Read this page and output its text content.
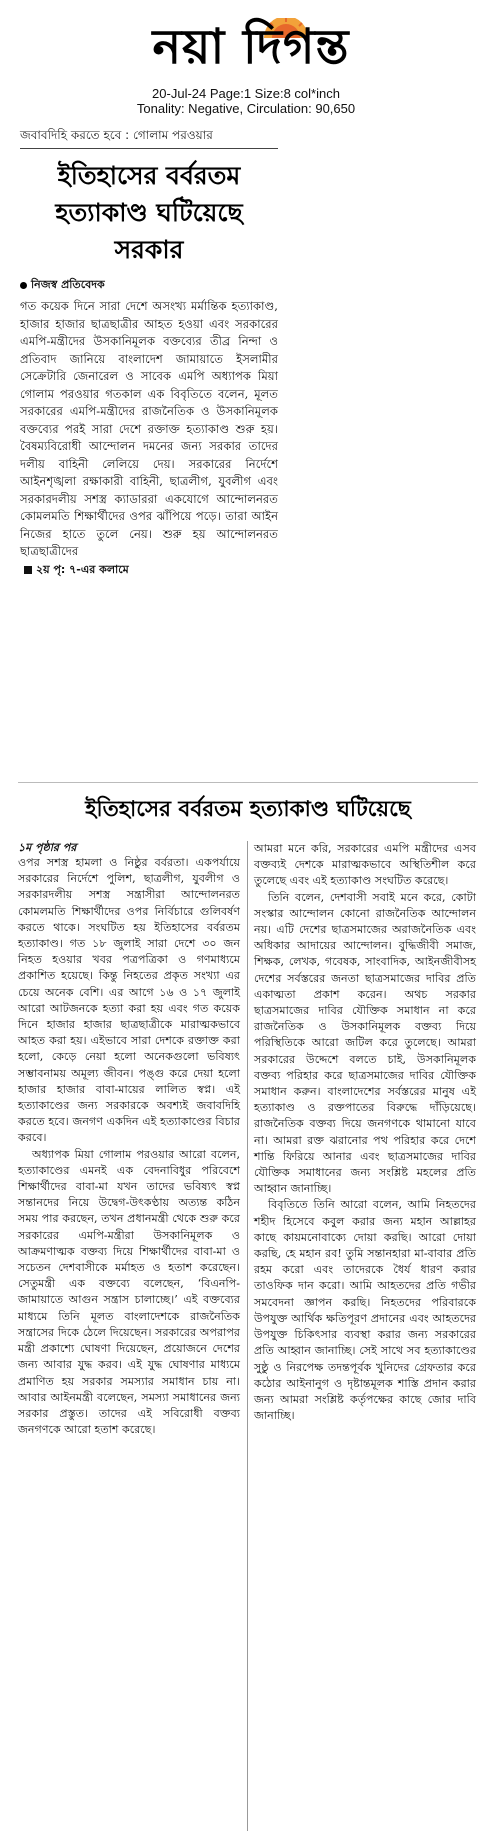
নয়া দিগন্ত
20-Jul-24 Page:1 Size:8 col*inch
Tonality: Negative, Circulation: 90,650
জবাবদিহি করতে হবে : গোলাম পরওয়ার
ইতিহাসের বর্বরতম হত্যাকাণ্ড ঘটিয়েছে সরকার
নিজস্ব প্রতিবেদক
গত কয়েক দিনে সারা দেশে অসংখ্য মর্মান্তিক হত্যাকাণ্ড, হাজার হাজার ছাত্রছাত্রীর আহত হওয়া এবং সরকারের এমপি-মন্ত্রীদের উসকানিমূলক বক্তব্যের তীব্র নিন্দা ও প্রতিবাদ জানিয়ে বাংলাদেশ জামায়াতে ইসলামীর সেক্রেটারি জেনারেল ও সাবেক এমপি অধ্যাপক মিয়া গোলাম পরওয়ার গতকাল এক বিবৃতিতে বলেন, মূলত সরকারের এমপি-মন্ত্রীদের রাজনৈতিক ও উসকানিমূলক বক্তব্যের পরই সারা দেশে রক্তাক্ত হত্যাকাণ্ড শুরু হয়। বৈষম্যবিরোধী আন্দোলন দমনের জন্য সরকার তাদের দলীয় বাহিনী লেলিয়ে দেয়। সরকারের নির্দেশে আইনশৃঙ্খলা রক্ষাকারী বাহিনী, ছাত্রলীগ, যুবলীগ এবং সরকারদলীয় সশস্ত্র ক্যাডাররা একযোগে আন্দোলনরত কোমলমতি শিক্ষার্থীদের ওপর ঝাঁপিয়ে পড়ে। তারা আইন নিজের হাতে তুলে নেয়। শুরু হয় আন্দোলনরত ছাত্রছাত্রীদের
২য় পৃ: ৭-এর কলামে
ইতিহাসের বর্বরতম হত্যাকাণ্ড ঘটিয়েছে
১ম পৃষ্ঠার পর

ওপর সশস্ত্র হামলা ও নিষ্ঠুর বর্বরতা। একপর্যায়ে সরকারের নির্দেশে পুলিশ, ছাত্রলীগ, যুবলীগ ও সরকারদলীয় সশস্ত্র সন্ত্রাসীরা আন্দোলনরত কোমলমতি শিক্ষার্থীদের ওপর নির্বিচারে গুলিবর্ষণ করতে থাকে। সংঘটিত হয় ইতিহাসের বর্বরতম হত্যাকাণ্ড। গত ১৮ জুলাই সারা দেশে ৩০ জন নিহত হওয়ার খবর পত্রপত্রিকা ও গণমাধ্যমে প্রকাশিত হয়েছে। কিন্তু নিহতের প্রকৃত সংখ্যা এর চেয়ে অনেক বেশি। এর আগে ১৬ ও ১৭ জুলাই আরো আটজনকে হত্যা করা হয় এবং গত কয়েক দিনে হাজার হাজার ছাত্রছাত্রীকে মারাত্মকভাবে আহত করা হয়। এইভাবে সারা দেশকে রক্তাক্ত করা হলো, কেড়ে নেয়া হলো অনেকগুলো ভবিষ্যৎ সম্ভাবনাময় অমূল্য জীবন। পঙ্গু করে দেয়া হলো হাজার হাজার বাবা-মায়ের লালিত স্বপ্ন। এই হত্যাকাণ্ডের জন্য সরকারকে অবশ্যই জবাবদিহি করতে হবে। জনগণ একদিন এই হত্যাকাণ্ডের বিচার করবে।

অধ্যাপক মিয়া গোলাম পরওয়ার আরো বলেন, হত্যাকাণ্ডের এমনই এক বেদনাবিধুর পরিবেশে শিক্ষার্থীদের বাবা-মা যখন তাদের ভবিষ্যৎ স্বপ্ন সন্তানদের নিয়ে উদ্বেগ-উৎকণ্ঠায় অত্যন্ত কঠিন সময় পার করছেন, তখন প্রধানমন্ত্রী থেকে শুরু করে সরকারের এমপি-মন্ত্রীরা উসকানিমূলক ও আক্রমণাত্মক বক্তব্য দিয়ে শিক্ষার্থীদের বাবা-মা ও সচেতন দেশবাসীকে মর্মাহত ও হতাশ করেছেন। সেতুমন্ত্রী এক বক্তব্যে বলেছেন, ‘বিএনপি-জামায়াতে আগুন সন্ত্রাস চালাচ্ছে।’ এই বক্তব্যের মাধ্যমে তিনি মূলত বাংলাদেশকে রাজনৈতিক সন্ত্রাসের দিকে ঠেলে দিয়েছেন। সরকারের অপরাপর মন্ত্রী প্রকাশ্যে ঘোষণা দিয়েছেন, প্রয়োজনে দেশের জন্য আবার যুদ্ধ করব। এই যুদ্ধ ঘোষণার মাধ্যমে প্রমাণিত হয় সরকার সমস্যার সমাধান চায় না। আবার আইনমন্ত্রী বলেছেন, সমস্যা সমাধানের জন্য সরকার প্রস্তুত। তাদের এই সবিরোধী বক্তব্য জনগণকে আরো হতাশ করেছে।

আমরা মনে করি, সরকারের এমপি মন্ত্রীদের এসব বক্তব্যই দেশকে মারাত্মকভাবে অস্থিতিশীল করে তুলেছে এবং এই হত্যাকাণ্ড সংঘটিত করেছে।

তিনি বলেন, দেশবাসী সবাই মনে করে, কোটা সংস্কার আন্দোলন কোনো রাজনৈতিক আন্দোলন নয়। এটি দেশের ছাত্রসমাজের অরাজনৈতিক এবং অধিকার আদায়ের আন্দোলন। বুদ্ধিজীবী সমাজ, শিক্ষক, লেখক, গবেষক, সাংবাদিক, আইনজীবীসহ দেশের সর্বস্তরের জনতা ছাত্রসমাজের দাবির প্রতি একাত্মতা প্রকাশ করেন। অথচ সরকার ছাত্রসমাজের দাবির যৌক্তিক সমাধান না করে রাজনৈতিক ও উসকানিমূলক বক্তব্য দিয়ে পরিস্থিতিকে আরো জটিল করে তুলেছে। আমরা সরকারের উদ্দেশে বলতে চাই, উসকানিমূলক বক্তব্য পরিহার করে ছাত্রসমাজের দাবির যৌক্তিক সমাধান করুন। বাংলাদেশের সর্বস্তরের মানুষ এই হত্যাকাণ্ড ও রক্তপাতের বিরুদ্ধে দাঁড়িয়েছে। রাজনৈতিক বক্তব্য দিয়ে জনগণকে থামানো যাবে না। আমরা রক্ত ঝরানোর পথ পরিহার করে দেশে শান্তি ফিরিয়ে আনার এবং ছাত্রসমাজের দাবির যৌক্তিক সমাধানের জন্য সংশ্লিষ্ট মহলের প্রতি আহ্বান জানাচ্ছি।

বিবৃতিতে তিনি আরো বলেন, আমি নিহতদের শহীদ হিসেবে কবুল করার জন্য মহান আল্লাহর কাছে কায়মনোবাক্যে দোয়া করছি। আরো দোয়া করছি, হে মহান রব! তুমি সন্তানহারা মা-বাবার প্রতি রহম করো এবং তাদেরকে ধৈর্য ধারণ করার তাওফিক দান করো। আমি আহতদের প্রতি গভীর সমবেদনা জ্ঞাপন করছি। নিহতদের পরিবারকে উপযুক্ত আর্থিক ক্ষতিপূরণ প্রদানের এবং আহতদের উপযুক্ত চিকিৎসার ব্যবস্থা করার জন্য সরকারের প্রতি আহ্বান জানাচ্ছি। সেই সাথে সব হত্যাকাণ্ডের সুষ্ঠু ও নিরপেক্ষ তদন্তপূর্বক খুনিদের গ্রেফতার করে কঠোর আইনানুগ ও দৃষ্টান্তমূলক শাস্তি প্রদান করার জন্য আমরা সংশ্লিষ্ট কর্তৃপক্ষের কাছে জোর দাবি জানাচ্ছি।
